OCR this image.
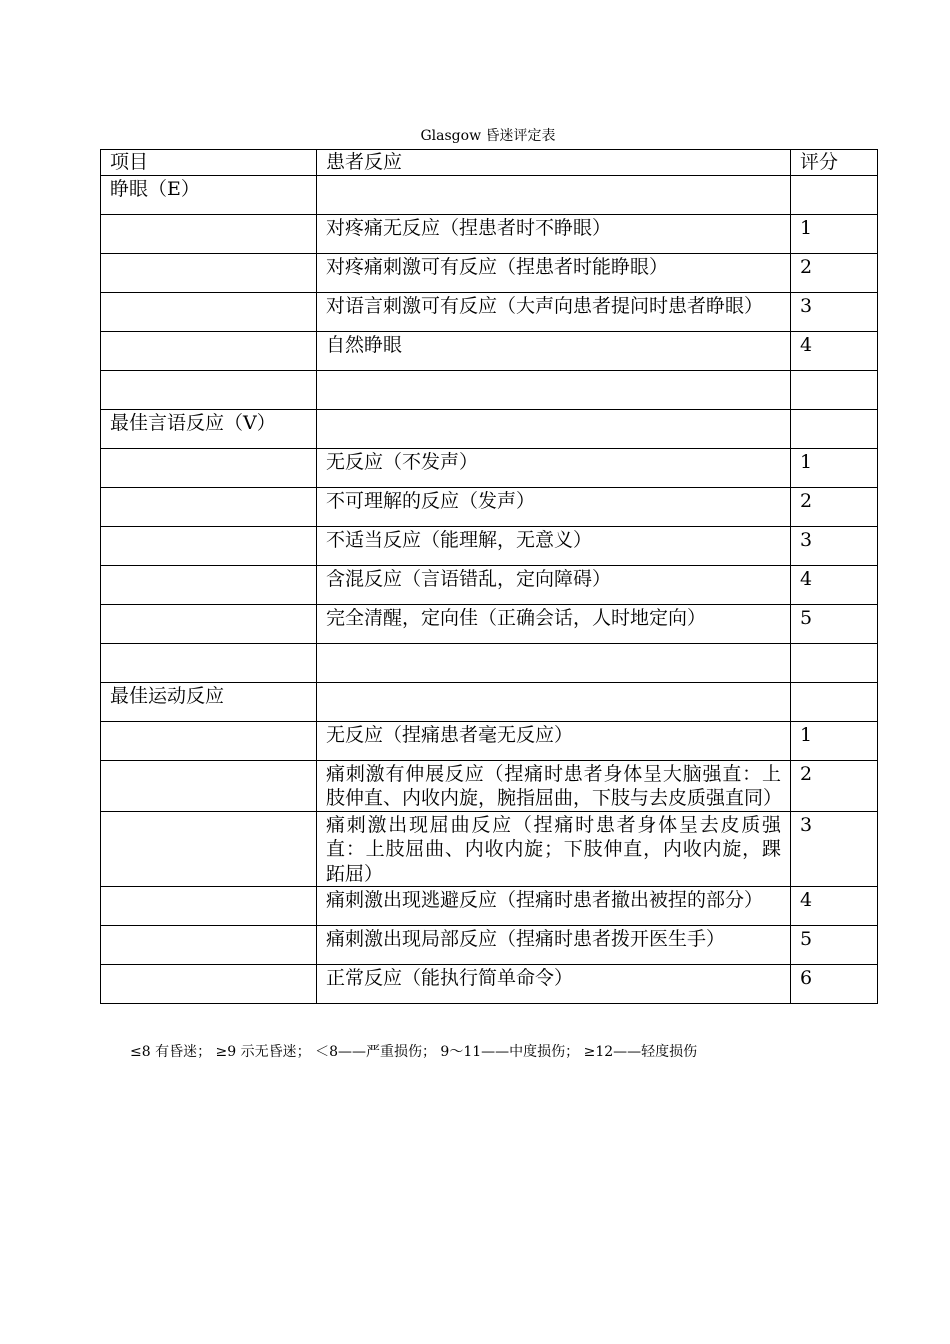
Glasgow 昏迷评定表
项目	患者反应	评分
睁眼（E）		
	对疼痛无反应（捏患者时不睁眼）	1
	对疼痛刺激可有反应（捏患者时能睁眼）	2
	对语言刺激可有反应（大声向患者提问时患者睁眼）	3
	自然睁眼	4

最佳言语反应（V）		
	无反应（不发声）	1
	不可理解的反应（发声）	2
	不适当反应（能理解，无意义）	3
	含混反应（言语错乱，定向障碍）	4
	完全清醒，定向佳（正确会话，人时地定向）	5

最佳运动反应		
	无反应（捏痛患者毫无反应）	1
	痛刺激有伸展反应（捏痛时患者身体呈大脑强直：上肢伸直、内收内旋，腕指屈曲，下肢与去皮质强直同）	2
	痛刺激出现屈曲反应（捏痛时患者身体呈去皮质强直：上肢屈曲、内收内旋；下肢伸直，内收内旋，踝跖屈）	3
	痛刺激出现逃避反应（捏痛时患者撤出被捏的部分）	4
	痛刺激出现局部反应（捏痛时患者拨开医生手）	5
	正常反应（能执行简单命令）	6
≤8 有昏迷； ≥9 示无昏迷； ＜8——严重损伤； 9～11——中度损伤； ≥12——轻度损伤
